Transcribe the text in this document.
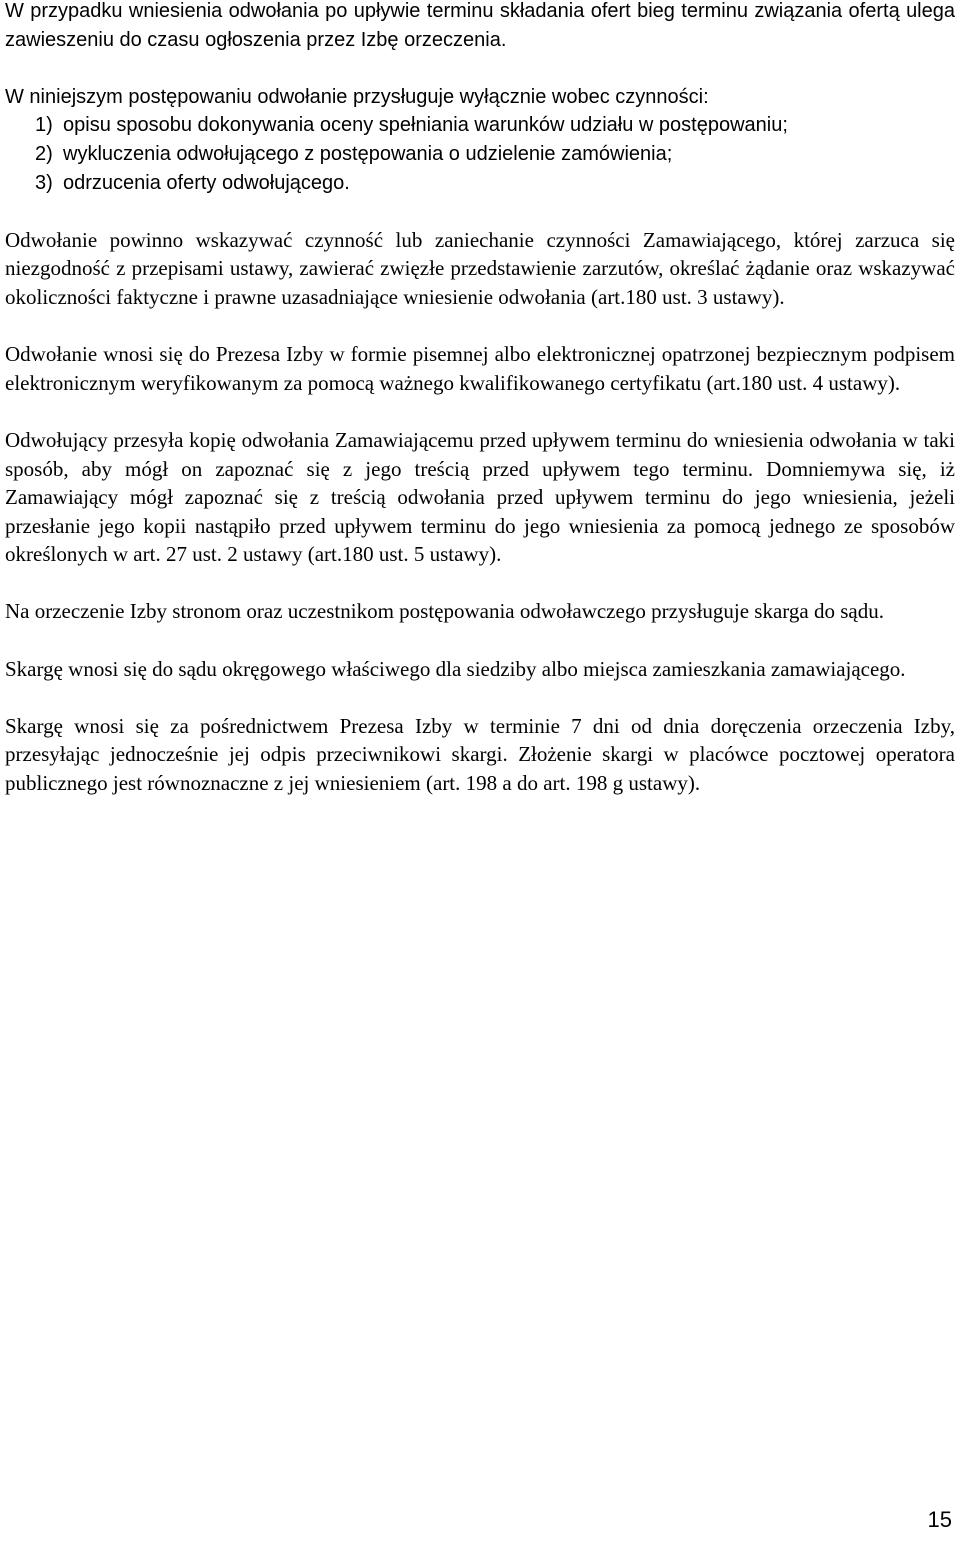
W przypadku wniesienia odwołania po upływie terminu składania ofert bieg terminu związania ofertą ulega zawieszeniu do czasu ogłoszenia przez Izbę orzeczenia.

W niniejszym postępowaniu odwołanie przysługuje wyłącznie wobec czynności:

1) opisu sposobu dokonywania oceny spełniania warunków udziału w postępowaniu;
2) wykluczenia odwołującego z postępowania o udzielenie zamówienia;
3) odrzucenia oferty odwołującego.

Odwołanie powinno wskazywać czynność lub zaniechanie czynności Zamawiającego, której zarzuca się niezgodność z przepisami ustawy, zawierać zwięzłe przedstawienie zarzutów, określać żądanie oraz wskazywać okoliczności faktyczne i prawne uzasadniające wniesienie odwołania (art.180 ust. 3 ustawy).

Odwołanie wnosi się do Prezesa Izby w formie pisemnej albo elektronicznej opatrzonej bezpiecznym podpisem elektronicznym weryfikowanym za pomocą ważnego kwalifikowanego certyfikatu (art.180 ust. 4 ustawy).

Odwołujący przesyła kopię odwołania Zamawiającemu przed upływem terminu do wniesienia odwołania w taki sposób, aby mógł on zapoznać się z jego treścią przed upływem tego terminu. Domniemywa się, iż Zamawiający mógł zapoznać się z treścią odwołania przed upływem terminu do jego wniesienia, jeżeli przesłanie jego kopii nastąpiło przed upływem terminu do jego wniesienia za pomocą jednego ze sposobów określonych w art. 27 ust. 2 ustawy (art.180 ust. 5 ustawy).

Na orzeczenie Izby stronom oraz uczestnikom postępowania odwoławczego przysługuje skarga do sądu.

Skargę wnosi się do sądu okręgowego właściwego dla siedziby albo miejsca zamieszkania zamawiającego.

Skargę wnosi się za pośrednictwem Prezesa Izby w terminie 7 dni od dnia doręczenia orzeczenia Izby, przesyłając jednocześnie jej odpis przeciwnikowi skargi. Złożenie skargi w placówce pocztowej operatora publicznego jest równoznaczne z jej wniesieniem (art. 198 a do art. 198 g ustawy).

15
